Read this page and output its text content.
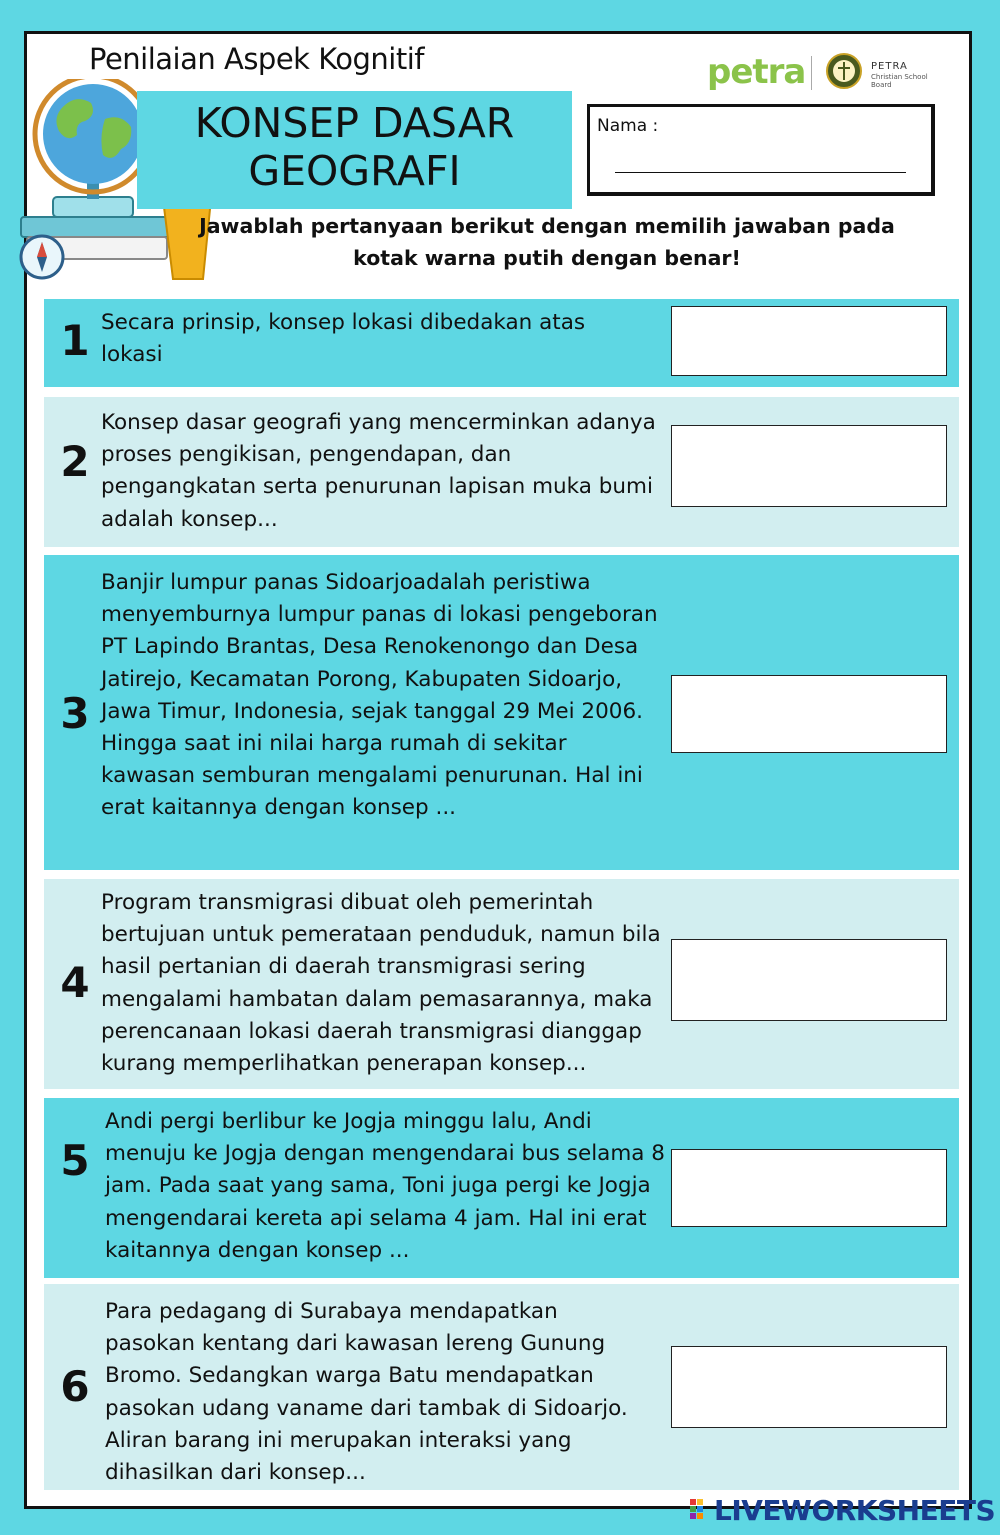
Penilaian Aspek Kognitif
KONSEP DASAR
GEOGRAFI
petra	PETRA
Christian School Board
Nama :
Jawablah pertanyaan berikut dengan memilih jawaban pada
kotak warna putih dengan benar!
1 Secara prinsip, konsep lokasi dibedakan atas lokasi
2
Konsep dasar geografi yang mencerminkan adanya proses pengikisan, pengendapan, dan pengangkatan serta penurunan lapisan muka bumi adalah konsep...
3
Banjir lumpur panas Sidoarjoadalah peristiwa menyemburnya lumpur panas di lokasi pengeboran PT Lapindo Brantas, Desa Renokenongo dan Desa Jatirejo, Kecamatan Porong, Kabupaten Sidoarjo, Jawa Timur, Indonesia, sejak tanggal 29 Mei 2006. Hingga saat ini nilai harga rumah di sekitar kawasan semburan mengalami penurunan. Hal ini erat kaitannya dengan konsep ...
4
Program transmigrasi dibuat oleh pemerintah bertujuan untuk pemerataan penduduk, namun bila hasil pertanian di daerah transmigrasi sering mengalami hambatan dalam pemasarannya, maka perencanaan lokasi daerah transmigrasi dianggap kurang memperlihatkan penerapan konsep...
5
Andi pergi berlibur ke Jogja minggu lalu, Andi menuju ke Jogja dengan mengendarai bus selama 8 jam. Pada saat yang sama, Toni juga pergi ke Jogja mengendarai kereta api selama 4 jam. Hal ini erat kaitannya dengan konsep ...
6
Para pedagang di Surabaya mendapatkan pasokan kentang dari kawasan lereng Gunung Bromo. Sedangkan warga Batu mendapatkan pasokan udang vaname dari tambak di Sidoarjo. Aliran barang ini merupakan interaksi yang dihasilkan dari konsep...
LIVEWORKSHEETS
